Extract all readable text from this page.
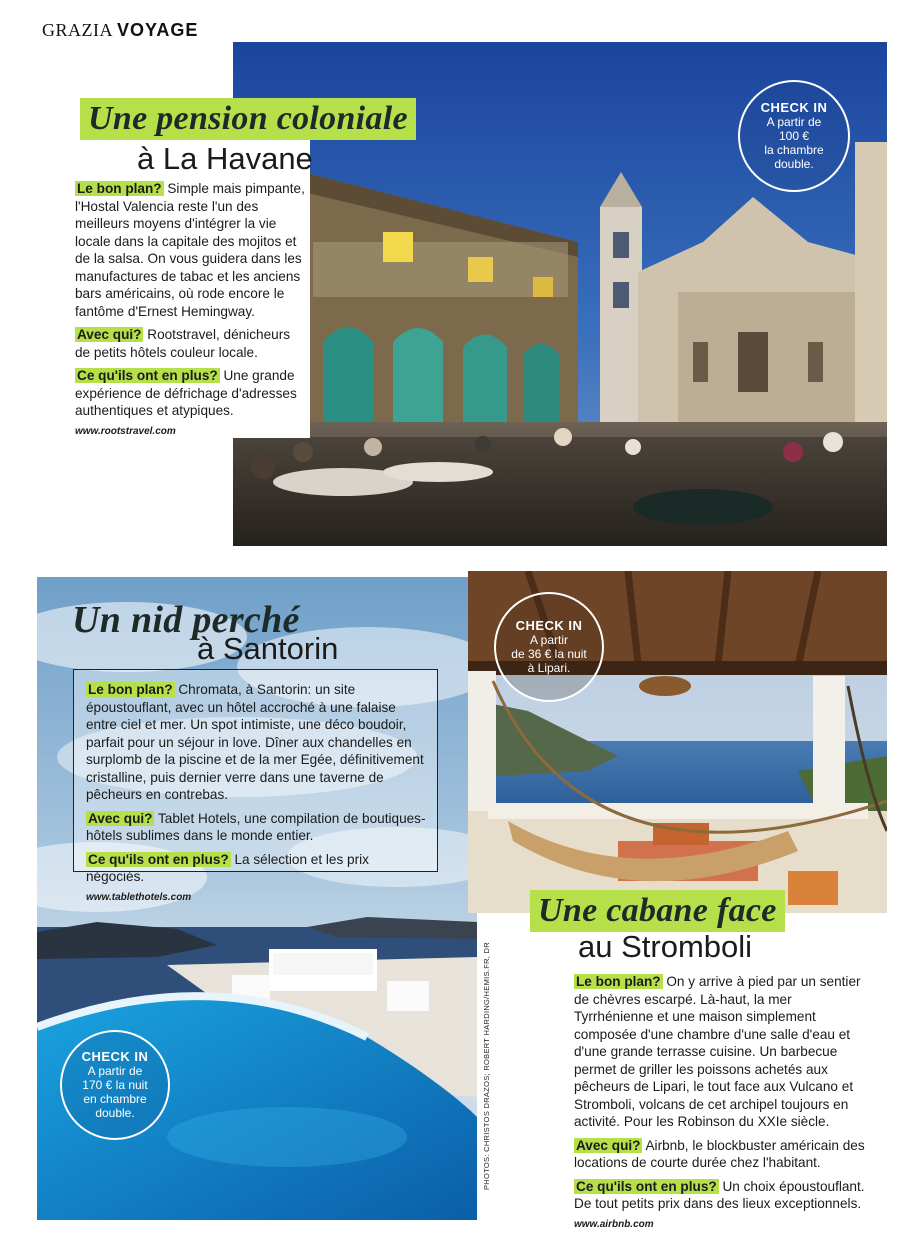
GRAZIA VOYAGE
CHECK IN
A partir de
100 €
la chambre
double.
Une pension coloniale
à La Havane

Le bon plan? Simple mais pimpante, l'Hostal Valencia reste l'un des meilleurs moyens d'intégrer la vie locale dans la capitale des mojitos et de la salsa. On vous guidera dans les manufactures de tabac et les anciens bars américains, où rode encore le fantôme d'Ernest Hemingway.

Avec qui? Rootstravel, dénicheurs de petits hôtels couleur locale.

Ce qu'ils ont en plus? Une grande expérience de défrichage d'adresses authentiques et atypiques.

www.rootstravel.com
Un nid perché
à Santorin

Le bon plan? Chromata, à Santorin: un site époustouflant, avec un hôtel accroché à une falaise entre ciel et mer. Un spot intimiste, une déco boudoir, parfait pour un séjour in love. Dîner aux chandelles en surplomb de la piscine et de la mer Egée, définitivement cristalline, puis dernier verre dans une taverne de pêcheurs en contrebas.

Avec qui? Tablet Hotels, une compilation de boutiques-hôtels sublimes dans le monde entier.

Ce qu'ils ont en plus? La sélection et les prix négociés.

www.tablethotels.com
CHECK IN
A partir de
170 € la nuit
en chambre
double.	PHOTOS: CHRISTOS DRAZOS; ROBERT HARDING/HEMIS.FR, DR
CHECK IN
A partir
de 36 € la nuit
à Lipari.
Une cabane face
au Stromboli

Le bon plan? On y arrive à pied par un sentier de chèvres escarpé. Là-haut, la mer Tyrrhénienne et une maison simplement composée d'une chambre d'une salle d'eau et d'une grande terrasse cuisine. Un barbecue permet de griller les poissons achetés aux pêcheurs de Lipari, le tout face aux Vulcano et Stromboli, volcans de cet archipel toujours en activité. Pour les Robinson du XXIe siècle.

Avec qui? Airbnb, le blockbuster américain des locations de courte durée chez l'habitant.

Ce qu'ils ont en plus? Un choix époustouflant. De tout petits prix dans des lieux exceptionnels.

www.airbnb.com
